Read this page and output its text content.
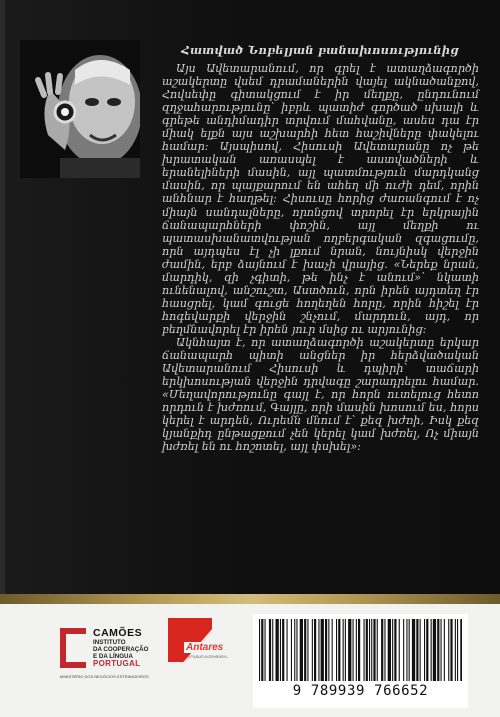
Հատված Նոբելյան բանախոսությունից

Այս Ավետարանում, որ գրել է ատաղձագործի աշակերտը վսեմ դրամաներին վայել ակնածանքով, Հովսեփը գիտակցում է իր մեղքը, ընդունում զղջահարությունը՝ իբրև պատիժ գործած սխալի և գրեթե անդիմադիր տրվում մահվանը, ասես դա էր միակ ելքն այս աշխարհի հետ հաշիվները փակելու համար: Այսպիսով, Հիսուսի Ավետարանը ոչ թե խրատական առասպել է աստվածների և երանելիների մասին, այլ պատմություն մարդկանց մասին, որ պայքարում են ահեղ մի ուժի դեմ, որին անհնար է հաղթել: Հիսուսը հորից ժառանգում է ոչ միայն սանդալները, որոնցով տրորել էր երկրային ճանապարհների փոշին, այլ մեղքի ու պատասխանատվության ողբերգական զգացումը, որն այդպես էլ չի լքում նրան, նույնիսկ վերջին ժամին, երբ ձայնում է խաչի վրայից. «Ներեք նրան, մարդիկ, զի չգիտի, թե ինչ է անում»՝ նկատի ունենալով, անշուշտ, Աստծուն, որն իրեն այդտեղ էր հասցրել, կամ գուցե հողեղեն հորը, որին հիշել էր հոգեվարքի վերջին շնչում, մարդուն, այդ, որ բեղմնավորել էր իրեն յուր մսից ու արյունից:

Ակնհայտ է, որ ատաղձագործի աշակերտը երկար ճանապարհ պիտի անցներ իր հերձվածական Ավետարանում Հիսուսի և դպիրի՝ տաճարի երկխոսության վերջին դրվագը շարադրելու համար. «Մեղավորությունը գայլ է, որ հորն ուտելուց հետո որդուն է խժռում, Գայլը, որի մասին խոսում ես, հորս կերել է արդեն, Ուրեմն մնում է՝ քեզ խժռի, Իսկ քեզ կյանքիդ ընթացքում չեն կերել կամ խժռել, Ոչ միայն խժռել են ու հոշոտել, այլ փսխել»:

CAMÕES
INSTITUTO
DA COOPERAÇÃO
E DA LÍNGUA
PORTUGAL
MINISTÉRIO DOS NEGÓCIOS ESTRANGEIROS
Antares
ՀՐԱՏԱՐԱԿՉՈՒԹՅՈՒՆ
9 789939 766652
